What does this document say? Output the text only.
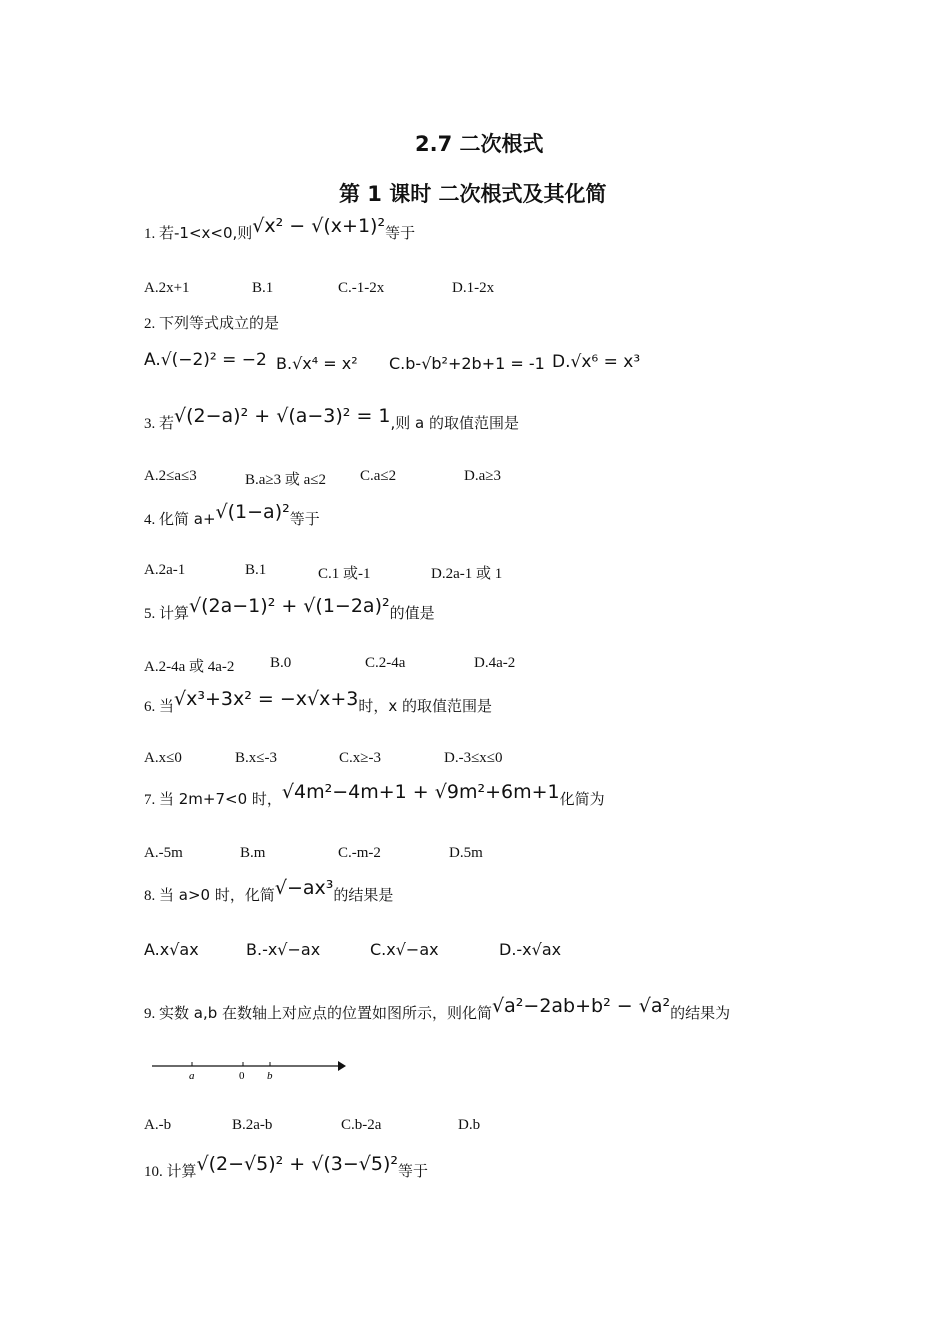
2.7 二次根式
第 1 课时 二次根式及其化简
1. 若-1<x<0,则√x² − √(x+1)²等于
A.2x+1	B.1	C.-1-2x	D.1-2x
2. 下列等式成立的是
A.√(−2)² = −2 B.√x⁴ = x² C.b-√b²+2b+1 = -1 D.√x⁶ = x³
3. 若√(2−a)² + √(a−3)² = 1,则 a 的取值范围是
A.2≤a≤3	B.a≥3 或 a≤2 C.a≤2	D.a≥3
4. 化简 a+√(1−a)²等于
A.2a-1	B.1	C.1 或-1	D.2a-1 或 1
5. 计算√(2a−1)² + √(1−2a)²的值是
A.2-4a 或 4a-2 B.0	C.2-4a	D.4a-2
6. 当√x³+3x² = −x√x+3时，x 的取值范围是
A.x≤0	B.x≤-3	C.x≥-3	D.-3≤x≤0
7. 当 2m+7<0 时，√4m²−4m+1 + √9m²+6m+1化简为
A.-5m	B.m	C.-m-2	D.5m
8. 当 a>0 时，化简√−ax³的结果是
A.x√ax	B.-x√−ax	C.x√−ax	D.-x√ax
9. 实数 a,b 在数轴上对应点的位置如图所示，则化简√a²−2ab+b² − √a²的结果为
a	0 b
A.-b	B.2a-b	C.b-2a	D.b
10. 计算√(2−√5)² + √(3−√5)²等于
